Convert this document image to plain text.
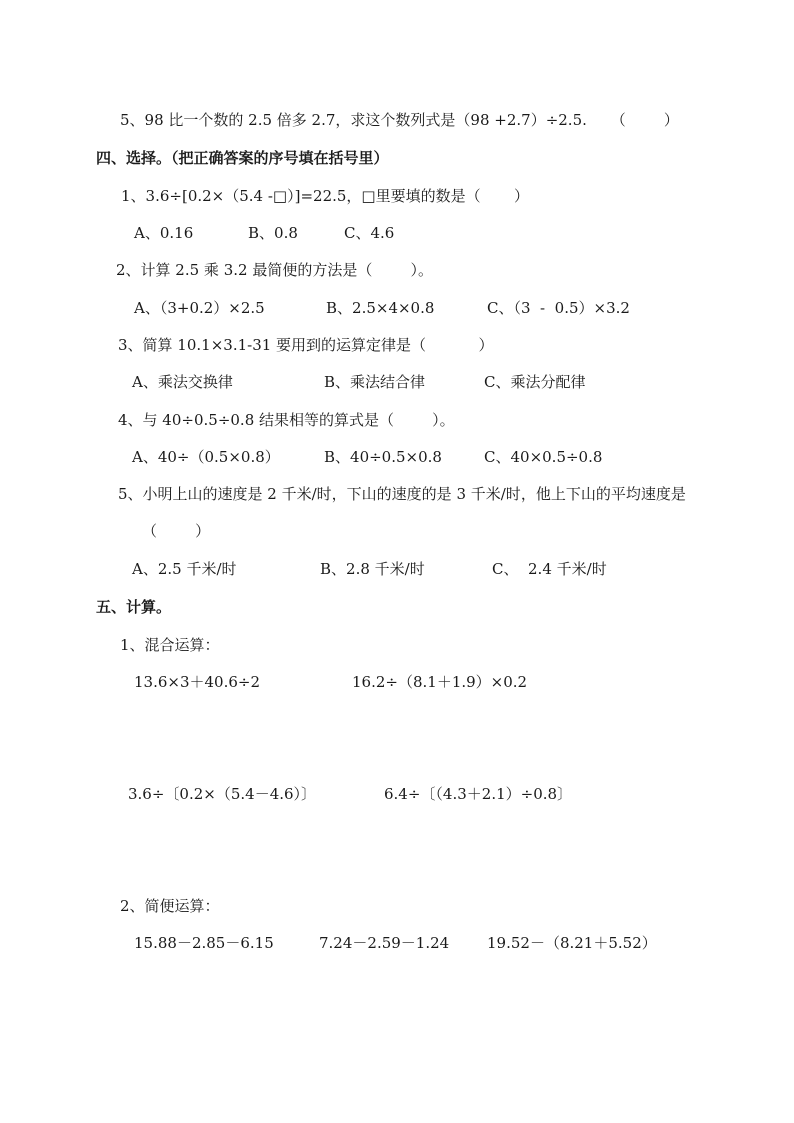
5、98 比一个数的 2.5 倍多 2.7，求这个数列式是（98 +2.7）÷2.5.     （        ）
四、选择。（把正确答案的序号填在括号里）
1、3.6÷[0.2×（5.4 -□）]=22.5，□里要填的数是（       ）
A、0.16	B、0.8	C、4.6
2、计算 2.5 乘 3.2 最简便的方法是（        ）。
A、（3+0.2）×2.5	B、2.5×4×0.8	C、（3  -  0.5）×3.2
3、简算 10.1×3.1-31 要用到的运算定律是（           ）
A、乘法交换律	B、乘法结合律	C、乘法分配律
4、与 40÷0.5÷0.8 结果相等的算式是（        ）。
A、40÷（0.5×0.8）	B、40÷0.5×0.8	C、40×0.5÷0.8
5、小明上山的速度是 2 千米/时，下山的速度的是 3 千米/时，他上下山的平均速度是
（        ）
A、2.5 千米/时	B、2.8 千米/时	C、  2.4 千米/时
五、计算。
1、混合运算：
13.6×3＋40.6÷2	16.2÷（8.1＋1.9）×0.2
3.6÷〔0.2×（5.4－4.6）〕	6.4÷〔（4.3＋2.1）÷0.8〕
2、简便运算：
15.88－2.85－6.15	7.24－2.59－1.24	19.52－（8.21＋5.52）
